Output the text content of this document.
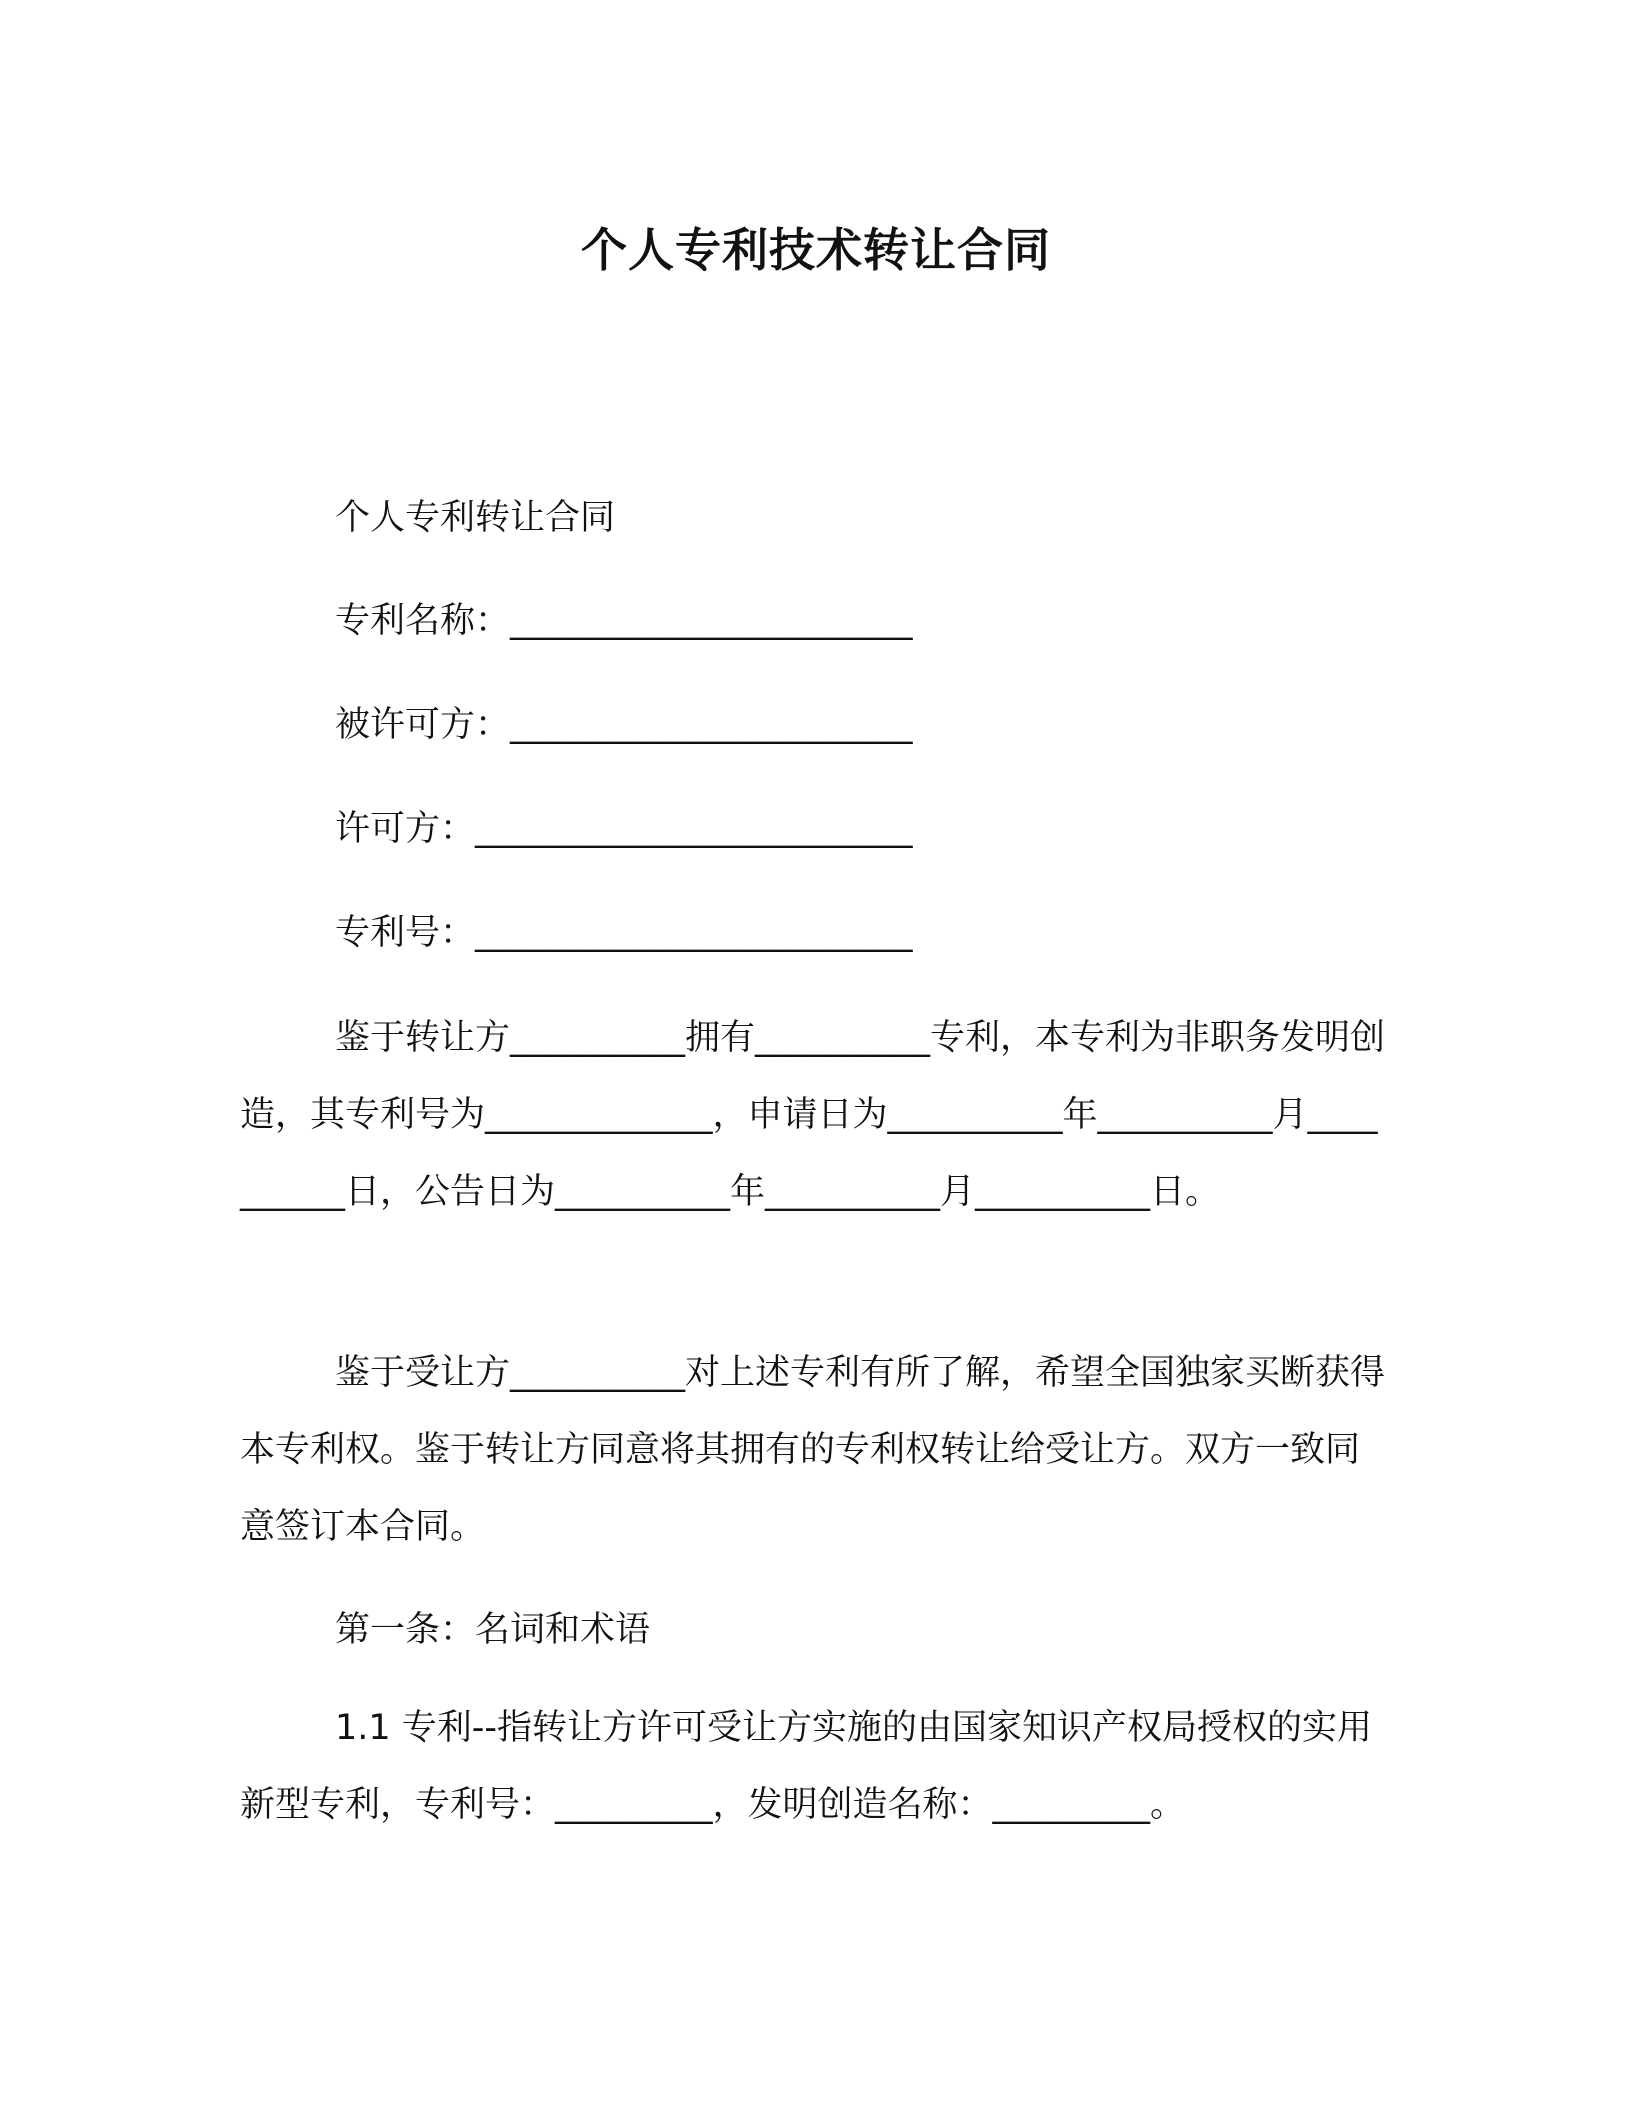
个人专利技术转让合同
个人专利转让合同
专利名称：_______________________
被许可方：_______________________
许可方：_________________________
专利号：_________________________
鉴于转让方__________拥有__________专利，本专利为非职务发明创造，其专利号为_____________，申请日为__________年__________月__________日，公告日为__________年__________月__________日。
鉴于受让方__________对上述专利有所了解，希望全国独家买断获得本专利权。鉴于转让方同意将其拥有的专利权转让给受让方。双方一致同意签订本合同。
第一条：名词和术语
1.1 专利--指转让方许可受让方实施的由国家知识产权局授权的实用新型专利，专利号：_________，发明创造名称：_________。
